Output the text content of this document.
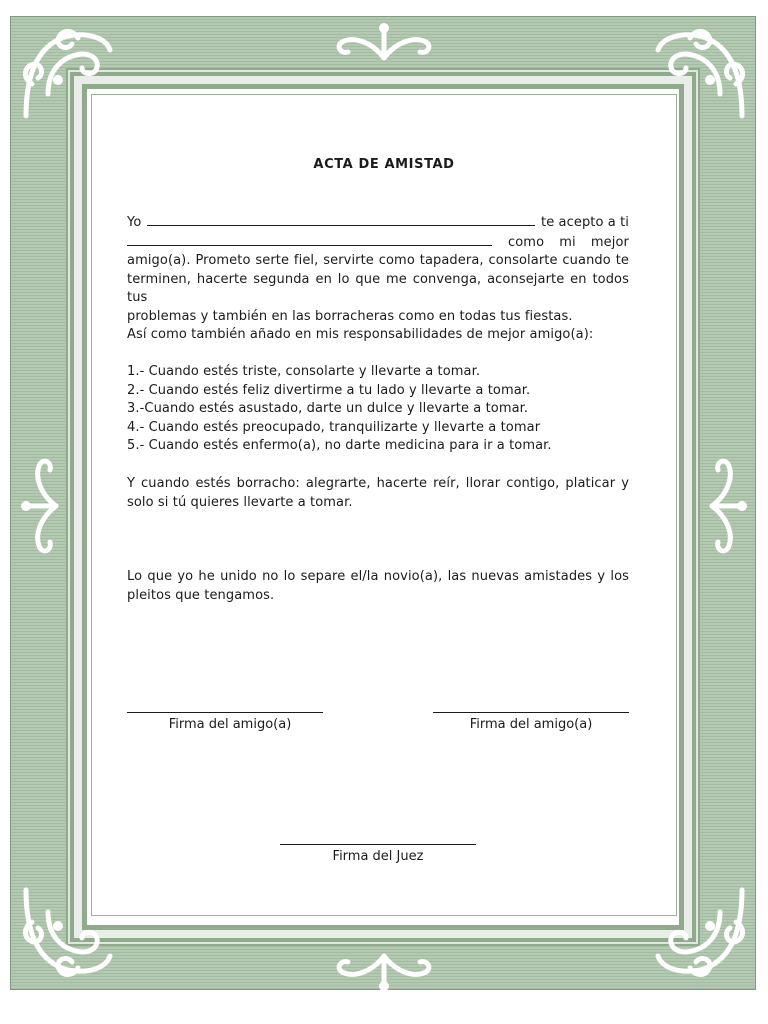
ACTA DE AMISTAD
Yo	te acepto a ti
como mi mejor
amigo(a). Prometo serte fiel, servirte como tapadera, consolarte cuando te
terminen, hacerte segunda en lo que me convenga, aconsejarte en todos tus
problemas y también en las borracheras como en todas tus fiestas.
Así como también añado en mis responsabilidades de mejor amigo(a):
1.- Cuando estés triste, consolarte y llevarte a tomar.
2.- Cuando estés feliz divertirme a tu lado y llevarte a tomar.
3.-Cuando estés asustado, darte un dulce y llevarte a tomar.
4.- Cuando estés preocupado, tranquilizarte y llevarte a tomar
5.- Cuando estés enfermo(a), no darte medicina para ir a tomar.
Y cuando estés borracho: alegrarte, hacerte reír, llorar contigo, platicar y
solo si tú quieres llevarte a tomar.
Lo que yo he unido no lo separe el/la novio(a), las nuevas amistades y los
pleitos que tengamos.
Firma del amigo(a)	Firma del amigo(a)
Firma del Juez
